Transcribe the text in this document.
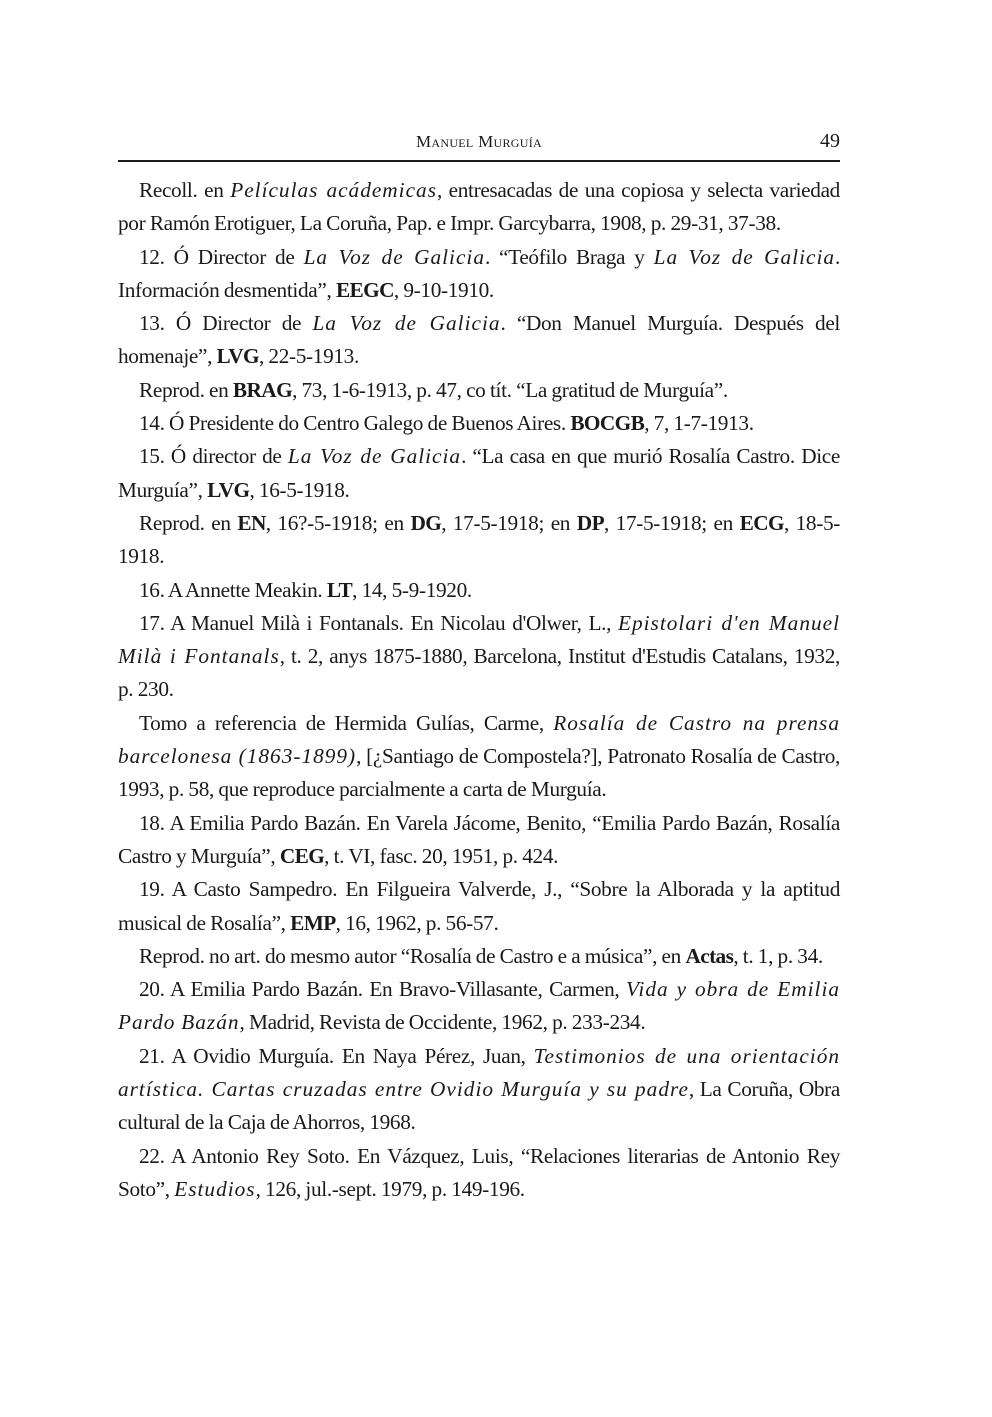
Manuel Murguía	49

Recoll. en Películas acádemicas, entresacadas de una copiosa y selecta variedad por Ramón Erotiguer, La Coruña, Pap. e Impr. Garcybarra, 1908, p. 29-31, 37-38.

12. Ó Director de La Voz de Galicia. “Teófilo Braga y La Voz de Galicia. Información desmentida”, EEGC, 9-10-1910.

13. Ó Director de La Voz de Galicia. “Don Manuel Murguía. Después del homenaje”, LVG, 22-5-1913.

Reprod. en BRAG, 73, 1-6-1913, p. 47, co tít. “La gratitud de Murguía”.

14. Ó Presidente do Centro Galego de Buenos Aires. BOCGB, 7, 1-7-1913.

15. Ó director de La Voz de Galicia. “La casa en que murió Rosalía Castro. Dice Murguía”, LVG, 16-5-1918.

Reprod. en EN, 16?-5-1918; en DG, 17-5-1918; en DP, 17-5-1918; en ECG, 18-5-1918.

16. A Annette Meakin. LT, 14, 5-9-1920.

17. A Manuel Milà i Fontanals. En Nicolau d'Olwer, L., Epistolari d'en Manuel Milà i Fontanals, t. 2, anys 1875-1880, Barcelona, Institut d'Estudis Catalans, 1932, p. 230.

Tomo a referencia de Hermida Gulías, Carme, Rosalía de Castro na prensa barcelonesa (1863-1899), [¿Santiago de Compostela?], Patronato Rosalía de Castro, 1993, p. 58, que reproduce parcialmente a carta de Murguía.

18. A Emilia Pardo Bazán. En Varela Jácome, Benito, “Emilia Pardo Bazán, Rosalía Castro y Murguía”, CEG, t. VI, fasc. 20, 1951, p. 424.

19. A Casto Sampedro. En Filgueira Valverde, J., “Sobre la Alborada y la aptitud musical de Rosalía”, EMP, 16, 1962, p. 56-57.

Reprod. no art. do mesmo autor “Rosalía de Castro e a música”, en Actas, t. 1, p. 34.

20. A Emilia Pardo Bazán. En Bravo-Villasante, Carmen, Vida y obra de Emilia Pardo Bazán, Madrid, Revista de Occidente, 1962, p. 233-234.

21. A Ovidio Murguía. En Naya Pérez, Juan, Testimonios de una orientación artística. Cartas cruzadas entre Ovidio Murguía y su padre, La Coruña, Obra cultural de la Caja de Ahorros, 1968.

22. A Antonio Rey Soto. En Vázquez, Luis, “Relaciones literarias de Antonio Rey Soto”, Estudios, 126, jul.-sept. 1979, p. 149-196.
